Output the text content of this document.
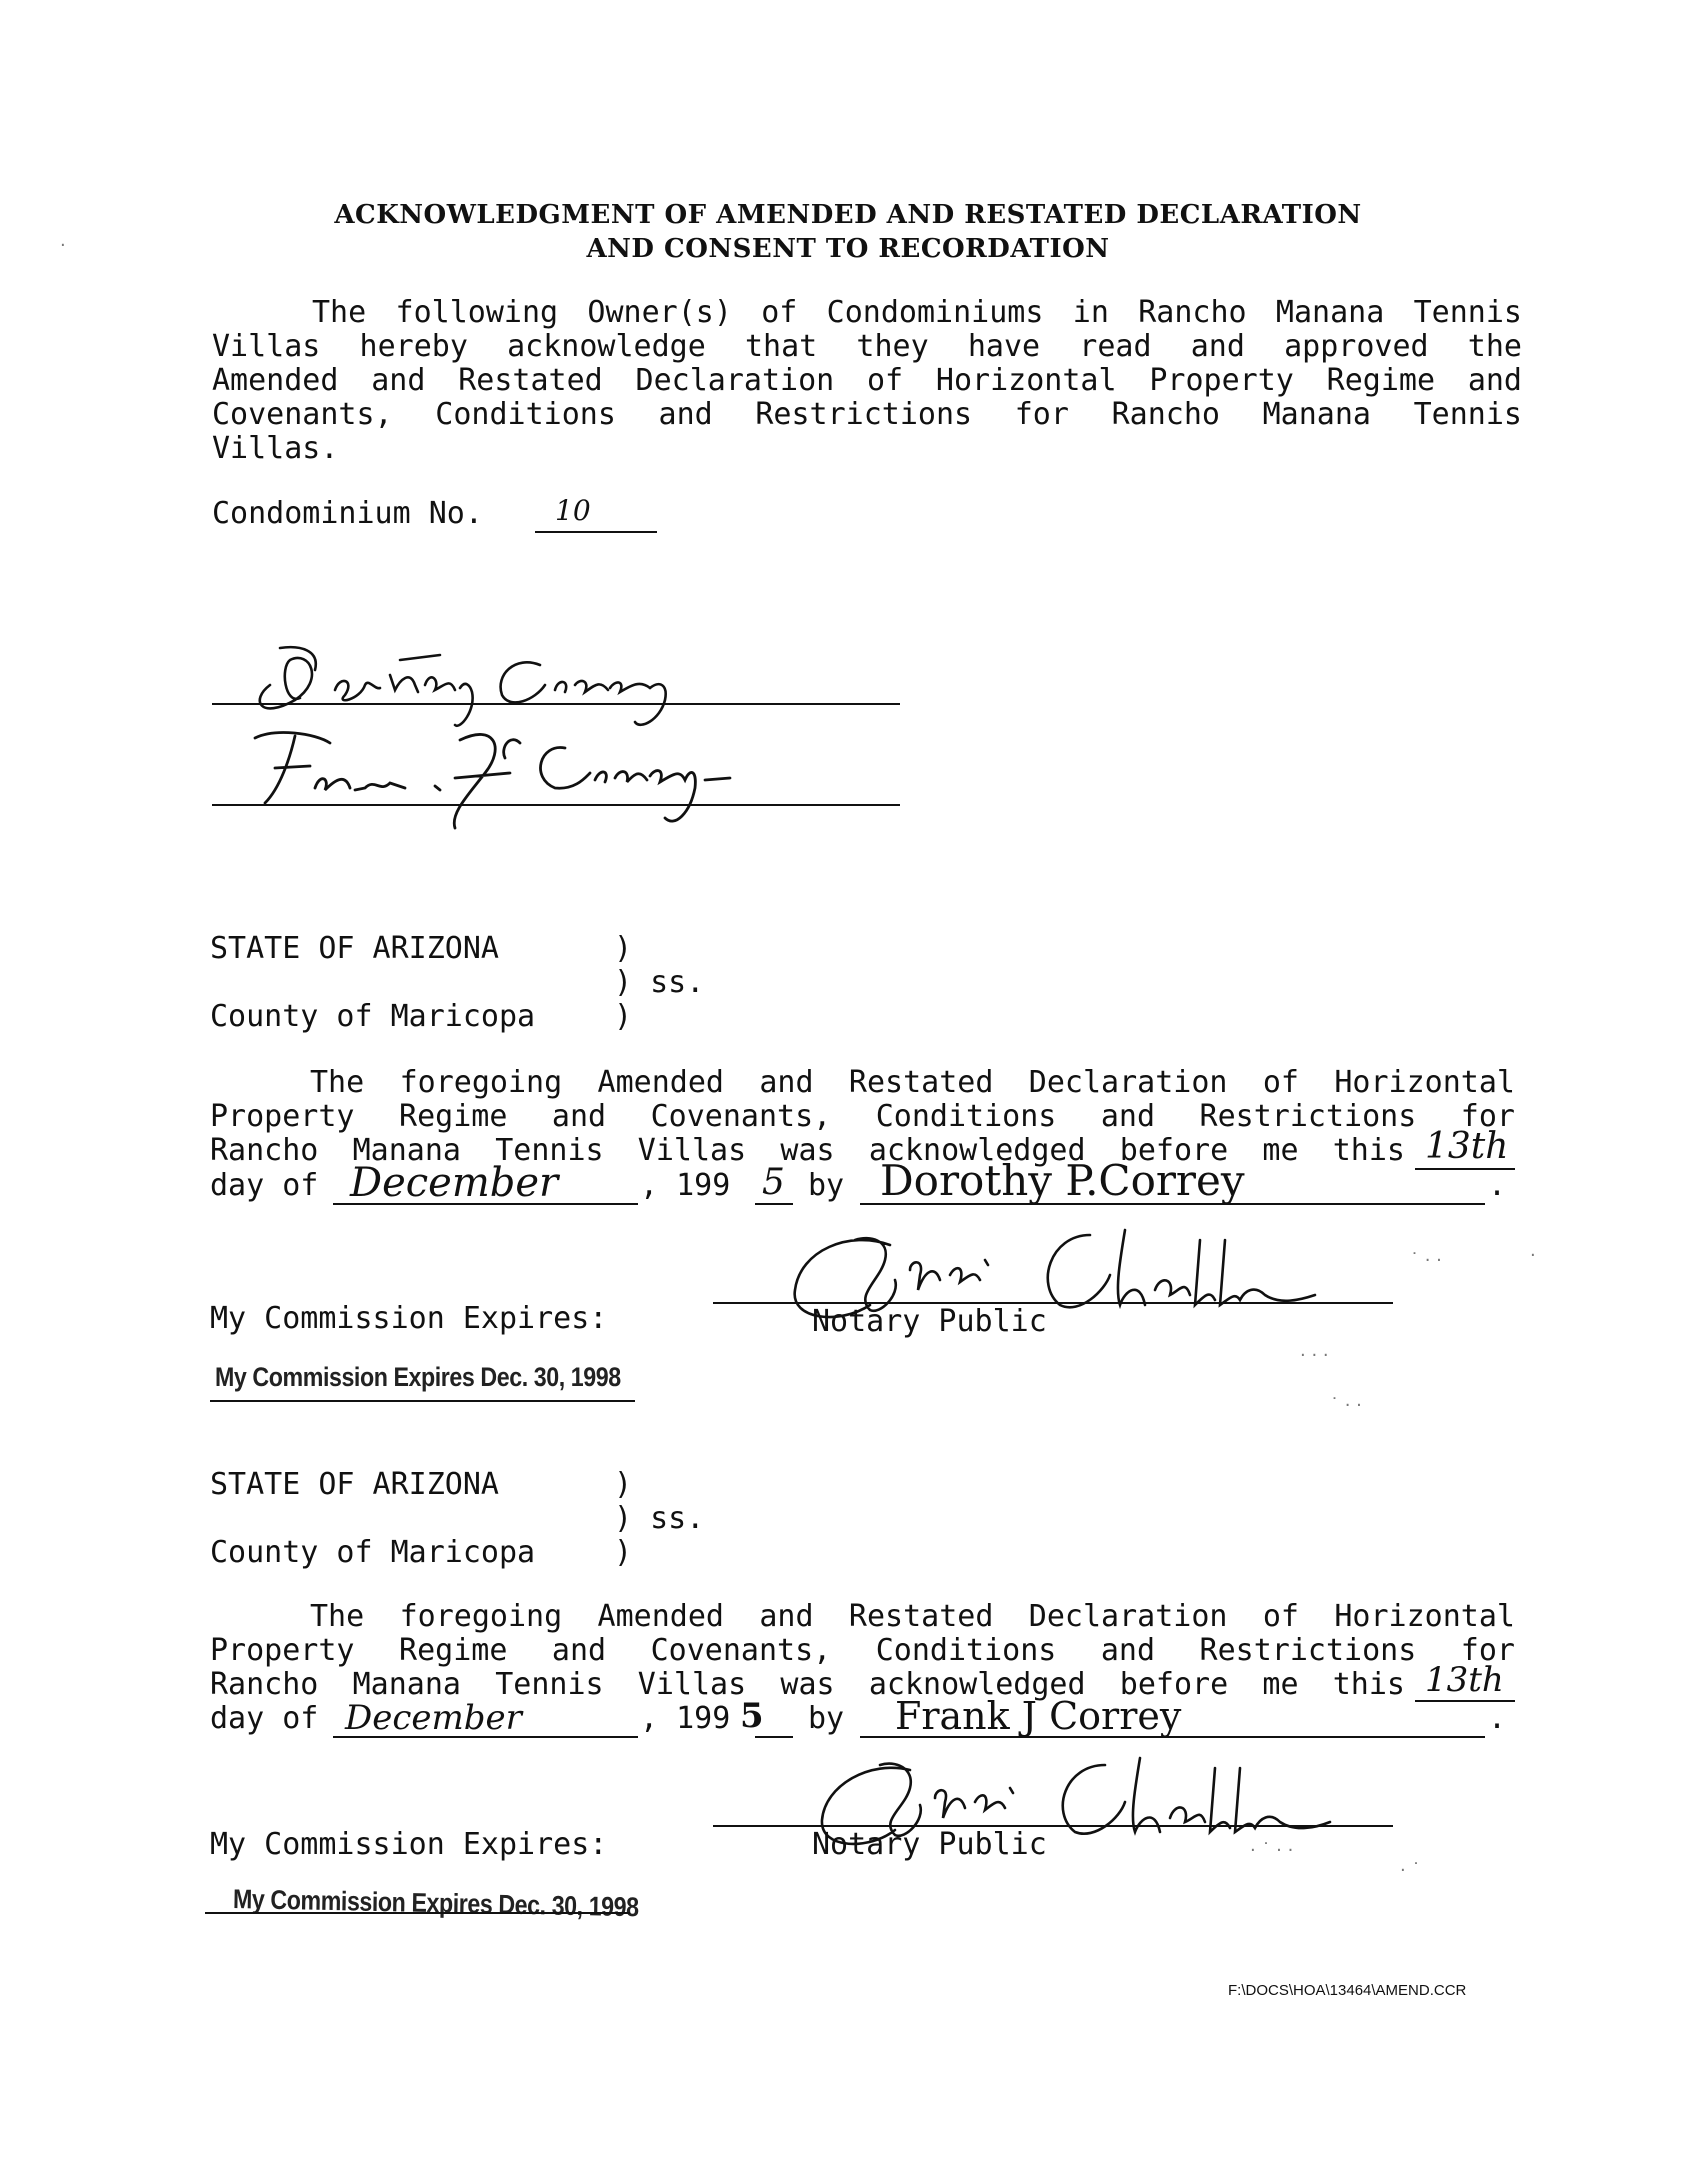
ACKNOWLEDGMENT OF AMENDED AND RESTATED DECLARATION
AND CONSENT TO RECORDATION
The following Owner(s) of Condominiums in Rancho Manana Tennis
Villas hereby acknowledge that they have read and approved the
Amended and Restated Declaration of Horizontal Property Regime and
Covenants, Conditions and Restrictions for Rancho Manana Tennis
Villas.
Condominium No.	10
STATE OF ARIZONA	)
) ss.
County of Maricopa	)
The foregoing Amended and Restated Declaration of Horizontal
Property Regime and Covenants, Conditions and Restrictions for
Rancho Manana Tennis Villas was acknowledged before me this 13th
day of December	, 199 5 by Dorothy P.Correy	.
Notary Public
My Commission Expires:
My Commission Expires Dec. 30, 1998
STATE OF ARIZONA	)
) ss.
County of Maricopa	)
The foregoing Amended and Restated Declaration of Horizontal
Property Regime and Covenants, Conditions and Restrictions for
Rancho Manana Tennis Villas was acknowledged before me this 13th
day of December	, 199 5 by Frank J Correy	.
Notary Public
My Commission Expires:
My Commission Expires Dec. 30, 1998
˙ · ·	·
· · ·
˙ · ·
· ˙ · ·
· ˙
·
F:\DOCS\HOA\13464\AMEND.CCR
